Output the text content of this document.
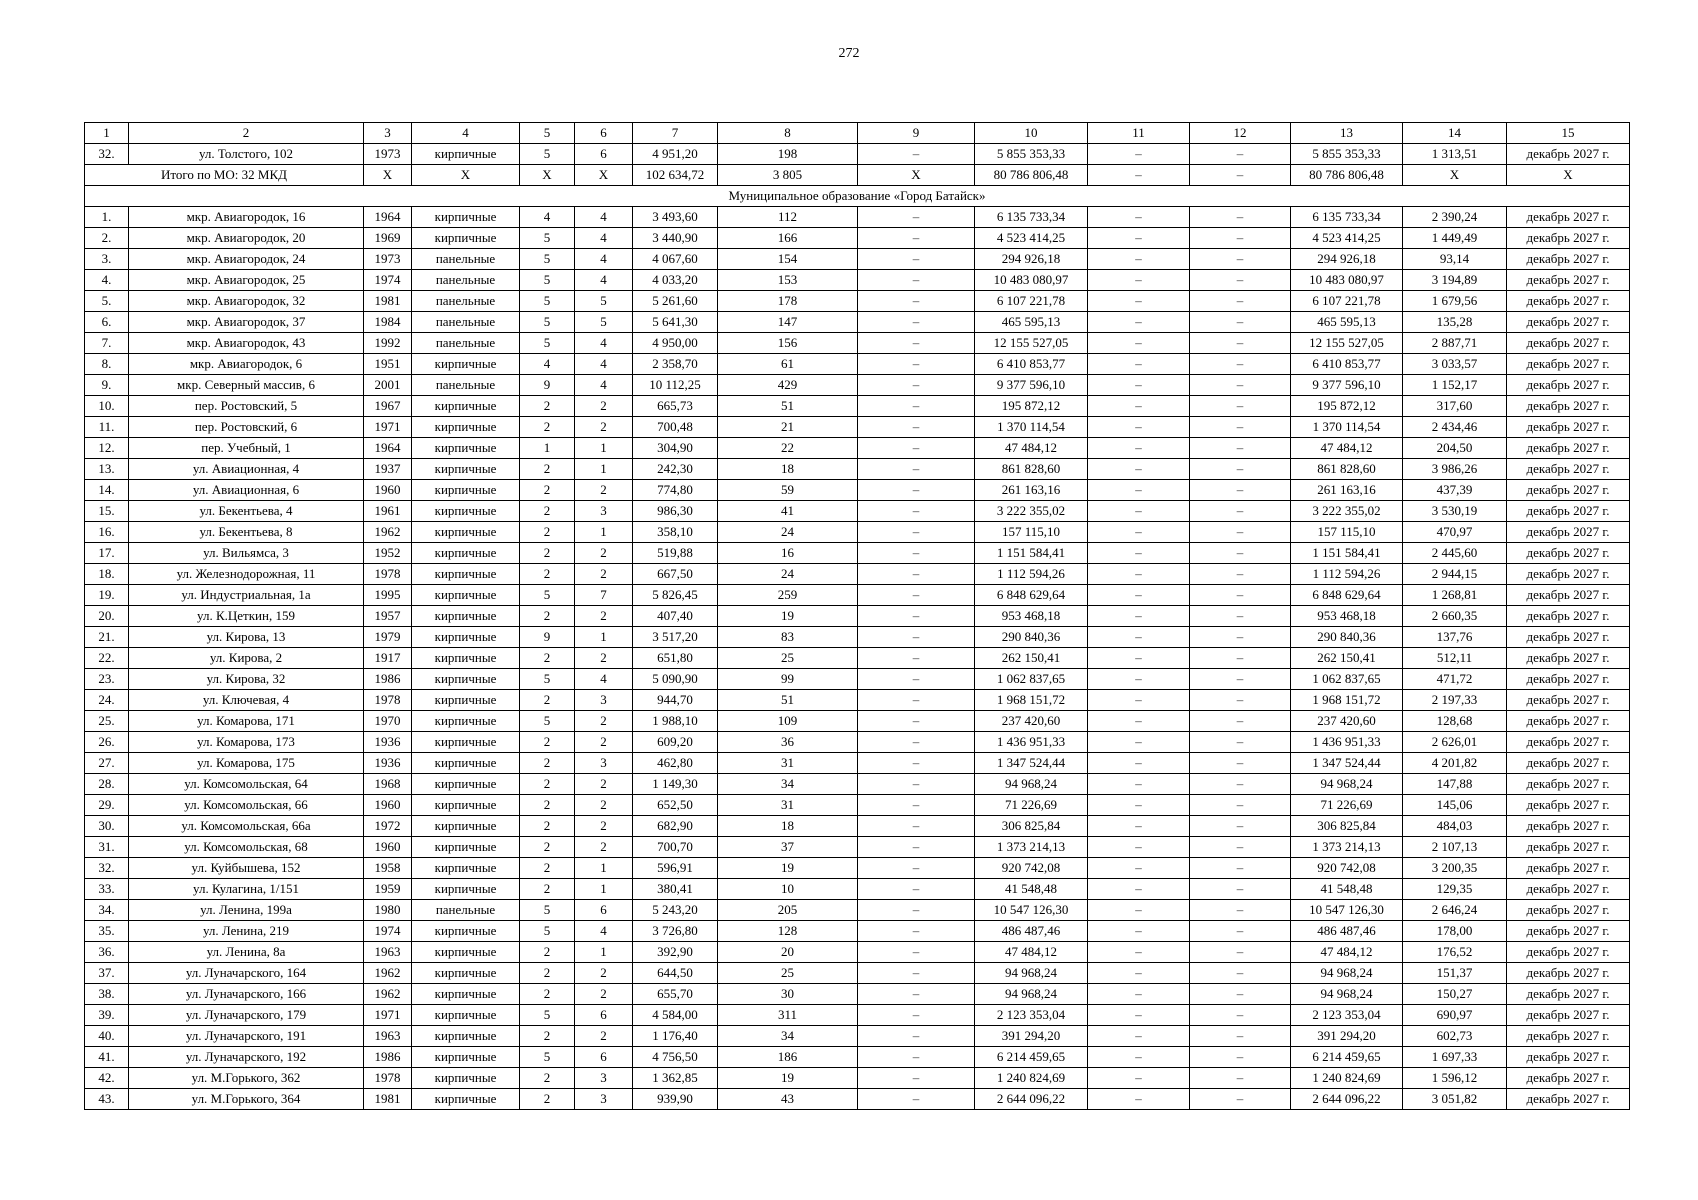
272
1	2	3	4	5	6	7	8	9	10	11	12	13	14	15
32.	ул. Толстого, 102	1973	кирпичные	5	6	4 951,20	198	–	5 855 353,33	–	–	5 855 353,33	1 313,51	декабрь 2027 г.
Итого по МО: 32 МКД		X	X	X	X	102 634,72	3 805	X	80 786 806,48	–	–	80 786 806,48	X	X
Муниципальное образование «Город Батайск»														
1.	мкр. Авиагородок, 16	1964	кирпичные	4	4	3 493,60	112	–	6 135 733,34	–	–	6 135 733,34	2 390,24	декабрь 2027 г.
2.	мкр. Авиагородок, 20	1969	кирпичные	5	4	3 440,90	166	–	4 523 414,25	–	–	4 523 414,25	1 449,49	декабрь 2027 г.
3.	мкр. Авиагородок, 24	1973	панельные	5	4	4 067,60	154	–	294 926,18	–	–	294 926,18	93,14	декабрь 2027 г.
4.	мкр. Авиагородок, 25	1974	панельные	5	4	4 033,20	153	–	10 483 080,97	–	–	10 483 080,97	3 194,89	декабрь 2027 г.
5.	мкр. Авиагородок, 32	1981	панельные	5	5	5 261,60	178	–	6 107 221,78	–	–	6 107 221,78	1 679,56	декабрь 2027 г.
6.	мкр. Авиагородок, 37	1984	панельные	5	5	5 641,30	147	–	465 595,13	–	–	465 595,13	135,28	декабрь 2027 г.
7.	мкр. Авиагородок, 43	1992	панельные	5	4	4 950,00	156	–	12 155 527,05	–	–	12 155 527,05	2 887,71	декабрь 2027 г.
8.	мкр. Авиагородок, 6	1951	кирпичные	4	4	2 358,70	61	–	6 410 853,77	–	–	6 410 853,77	3 033,57	декабрь 2027 г.
9.	мкр. Северный массив, 6	2001	панельные	9	4	10 112,25	429	–	9 377 596,10	–	–	9 377 596,10	1 152,17	декабрь 2027 г.
10.	пер. Ростовский, 5	1967	кирпичные	2	2	665,73	51	–	195 872,12	–	–	195 872,12	317,60	декабрь 2027 г.
11.	пер. Ростовский, 6	1971	кирпичные	2	2	700,48	21	–	1 370 114,54	–	–	1 370 114,54	2 434,46	декабрь 2027 г.
12.	пер. Учебный, 1	1964	кирпичные	1	1	304,90	22	–	47 484,12	–	–	47 484,12	204,50	декабрь 2027 г.
13.	ул. Авиационная, 4	1937	кирпичные	2	1	242,30	18	–	861 828,60	–	–	861 828,60	3 986,26	декабрь 2027 г.
14.	ул. Авиационная, 6	1960	кирпичные	2	2	774,80	59	–	261 163,16	–	–	261 163,16	437,39	декабрь 2027 г.
15.	ул. Бекентьева, 4	1961	кирпичные	2	3	986,30	41	–	3 222 355,02	–	–	3 222 355,02	3 530,19	декабрь 2027 г.
16.	ул. Бекентьева, 8	1962	кирпичные	2	1	358,10	24	–	157 115,10	–	–	157 115,10	470,97	декабрь 2027 г.
17.	ул. Вильямса, 3	1952	кирпичные	2	2	519,88	16	–	1 151 584,41	–	–	1 151 584,41	2 445,60	декабрь 2027 г.
18.	ул. Железнодорожная, 11	1978	кирпичные	2	2	667,50	24	–	1 112 594,26	–	–	1 112 594,26	2 944,15	декабрь 2027 г.
19.	ул. Индустриальная, 1а	1995	кирпичные	5	7	5 826,45	259	–	6 848 629,64	–	–	6 848 629,64	1 268,81	декабрь 2027 г.
20.	ул. К.Цеткин, 159	1957	кирпичные	2	2	407,40	19	–	953 468,18	–	–	953 468,18	2 660,35	декабрь 2027 г.
21.	ул. Кирова, 13	1979	кирпичные	9	1	3 517,20	83	–	290 840,36	–	–	290 840,36	137,76	декабрь 2027 г.
22.	ул. Кирова, 2	1917	кирпичные	2	2	651,80	25	–	262 150,41	–	–	262 150,41	512,11	декабрь 2027 г.
23.	ул. Кирова, 32	1986	кирпичные	5	4	5 090,90	99	–	1 062 837,65	–	–	1 062 837,65	471,72	декабрь 2027 г.
24.	ул. Ключевая, 4	1978	кирпичные	2	3	944,70	51	–	1 968 151,72	–	–	1 968 151,72	2 197,33	декабрь 2027 г.
25.	ул. Комарова, 171	1970	кирпичные	5	2	1 988,10	109	–	237 420,60	–	–	237 420,60	128,68	декабрь 2027 г.
26.	ул. Комарова, 173	1936	кирпичные	2	2	609,20	36	–	1 436 951,33	–	–	1 436 951,33	2 626,01	декабрь 2027 г.
27.	ул. Комарова, 175	1936	кирпичные	2	3	462,80	31	–	1 347 524,44	–	–	1 347 524,44	4 201,82	декабрь 2027 г.
28.	ул. Комсомольская, 64	1968	кирпичные	2	2	1 149,30	34	–	94 968,24	–	–	94 968,24	147,88	декабрь 2027 г.
29.	ул. Комсомольская, 66	1960	кирпичные	2	2	652,50	31	–	71 226,69	–	–	71 226,69	145,06	декабрь 2027 г.
30.	ул. Комсомольская, 66а	1972	кирпичные	2	2	682,90	18	–	306 825,84	–	–	306 825,84	484,03	декабрь 2027 г.
31.	ул. Комсомольская, 68	1960	кирпичные	2	2	700,70	37	–	1 373 214,13	–	–	1 373 214,13	2 107,13	декабрь 2027 г.
32.	ул. Куйбышева, 152	1958	кирпичные	2	1	596,91	19	–	920 742,08	–	–	920 742,08	3 200,35	декабрь 2027 г.
33.	ул. Кулагина, 1/151	1959	кирпичные	2	1	380,41	10	–	41 548,48	–	–	41 548,48	129,35	декабрь 2027 г.
34.	ул. Ленина, 199а	1980	панельные	5	6	5 243,20	205	–	10 547 126,30	–	–	10 547 126,30	2 646,24	декабрь 2027 г.
35.	ул. Ленина, 219	1974	кирпичные	5	4	3 726,80	128	–	486 487,46	–	–	486 487,46	178,00	декабрь 2027 г.
36.	ул. Ленина, 8а	1963	кирпичные	2	1	392,90	20	–	47 484,12	–	–	47 484,12	176,52	декабрь 2027 г.
37.	ул. Луначарского, 164	1962	кирпичные	2	2	644,50	25	–	94 968,24	–	–	94 968,24	151,37	декабрь 2027 г.
38.	ул. Луначарского, 166	1962	кирпичные	2	2	655,70	30	–	94 968,24	–	–	94 968,24	150,27	декабрь 2027 г.
39.	ул. Луначарского, 179	1971	кирпичные	5	6	4 584,00	311	–	2 123 353,04	–	–	2 123 353,04	690,97	декабрь 2027 г.
40.	ул. Луначарского, 191	1963	кирпичные	2	2	1 176,40	34	–	391 294,20	–	–	391 294,20	602,73	декабрь 2027 г.
41.	ул. Луначарского, 192	1986	кирпичные	5	6	4 756,50	186	–	6 214 459,65	–	–	6 214 459,65	1 697,33	декабрь 2027 г.
42.	ул. М.Горького, 362	1978	кирпичные	2	3	1 362,85	19	–	1 240 824,69	–	–	1 240 824,69	1 596,12	декабрь 2027 г.
43.	ул. М.Горького, 364	1981	кирпичные	2	3	939,90	43	–	2 644 096,22	–	–	2 644 096,22	3 051,82	декабрь 2027 г.
